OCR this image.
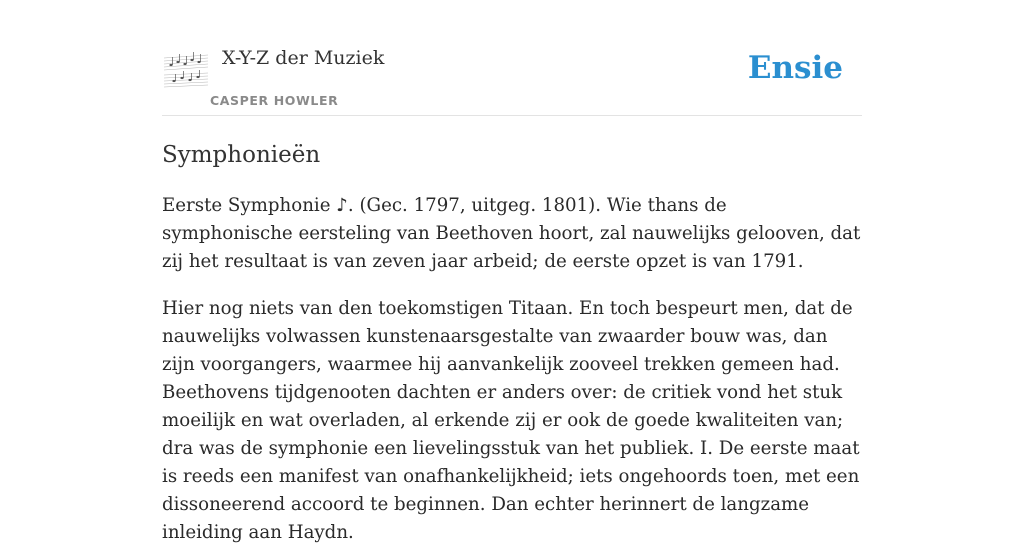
X-Y-Z der Muziek
CASPER HOWLER
Ensie
Symphonieën

Eerste Symphonie ♪. (Gec. 1797, uitgeg. 1801). Wie thans de symphonische eersteling van Beethoven hoort, zal nauwelijks gelooven, dat zij het resultaat is van zeven jaar arbeid; de eerste opzet is van 1791.

Hier nog niets van den toekomstigen Titaan. En toch bespeurt men, dat de nauwelijks volwassen kunstenaarsgestalte van zwaarder bouw was, dan zijn voorgangers, waarmee hij aanvankelijk zooveel trekken gemeen had. Beethovens tijdgenooten dachten er anders over: de critiek vond het stuk moeilijk en wat overladen, al erkende zij er ook de goede kwaliteiten van; dra was de symphonie een lievelingsstuk van het publiek. I. De eerste maat is reeds een manifest van onafhankelijkheid; iets ongehoords toen, met een dissoneerend accoord te beginnen. Dan echter herinnert de langzame inleiding aan Haydn.
